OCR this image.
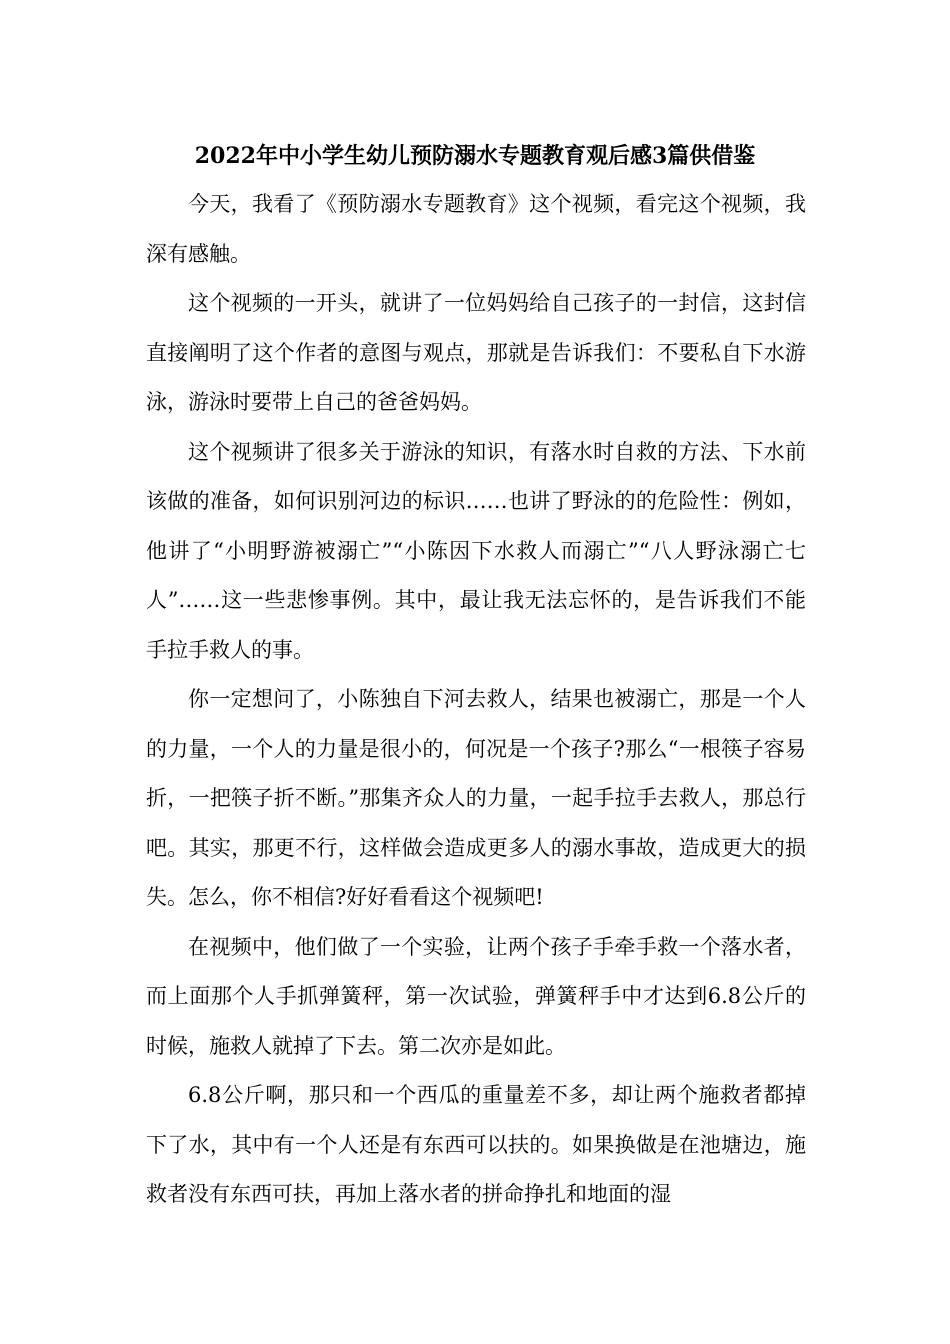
2022年中小学生幼儿预防溺水专题教育观后感3篇供借鉴

今天，我看了《预防溺水专题教育》这个视频，看完这个视频，我深有感触。

这个视频的一开头，就讲了一位妈妈给自己孩子的一封信，这封信直接阐明了这个作者的意图与观点，那就是告诉我们：不要私自下水游泳，游泳时要带上自己的爸爸妈妈。

这个视频讲了很多关于游泳的知识，有落水时自救的方法、下水前该做的准备，如何识别河边的标识……也讲了野泳的的危险性：例如，他讲了“小明野游被溺亡”“小陈因下水救人而溺亡”“八人野泳溺亡七人”……这一些悲惨事例。其中，最让我无法忘怀的，是告诉我们不能手拉手救人的事。

你一定想问了，小陈独自下河去救人，结果也被溺亡，那是一个人的力量，一个人的力量是很小的，何况是一个孩子?那么“一根筷子容易折，一把筷子折不断。”那集齐众人的力量，一起手拉手去救人，那总行吧。其实，那更不行，这样做会造成更多人的溺水事故，造成更大的损失。怎么，你不相信?好好看看这个视频吧!

在视频中，他们做了一个实验，让两个孩子手牵手救一个落水者，而上面那个人手抓弹簧秤，第一次试验，弹簧秤手中才达到6.8公斤的时候，施救人就掉了下去。第二次亦是如此。

6.8公斤啊，那只和一个西瓜的重量差不多，却让两个施救者都掉下了水，其中有一个人还是有东西可以扶的。如果换做是在池塘边，施救者没有东西可扶，再加上落水者的拼命挣扎和地面的湿
